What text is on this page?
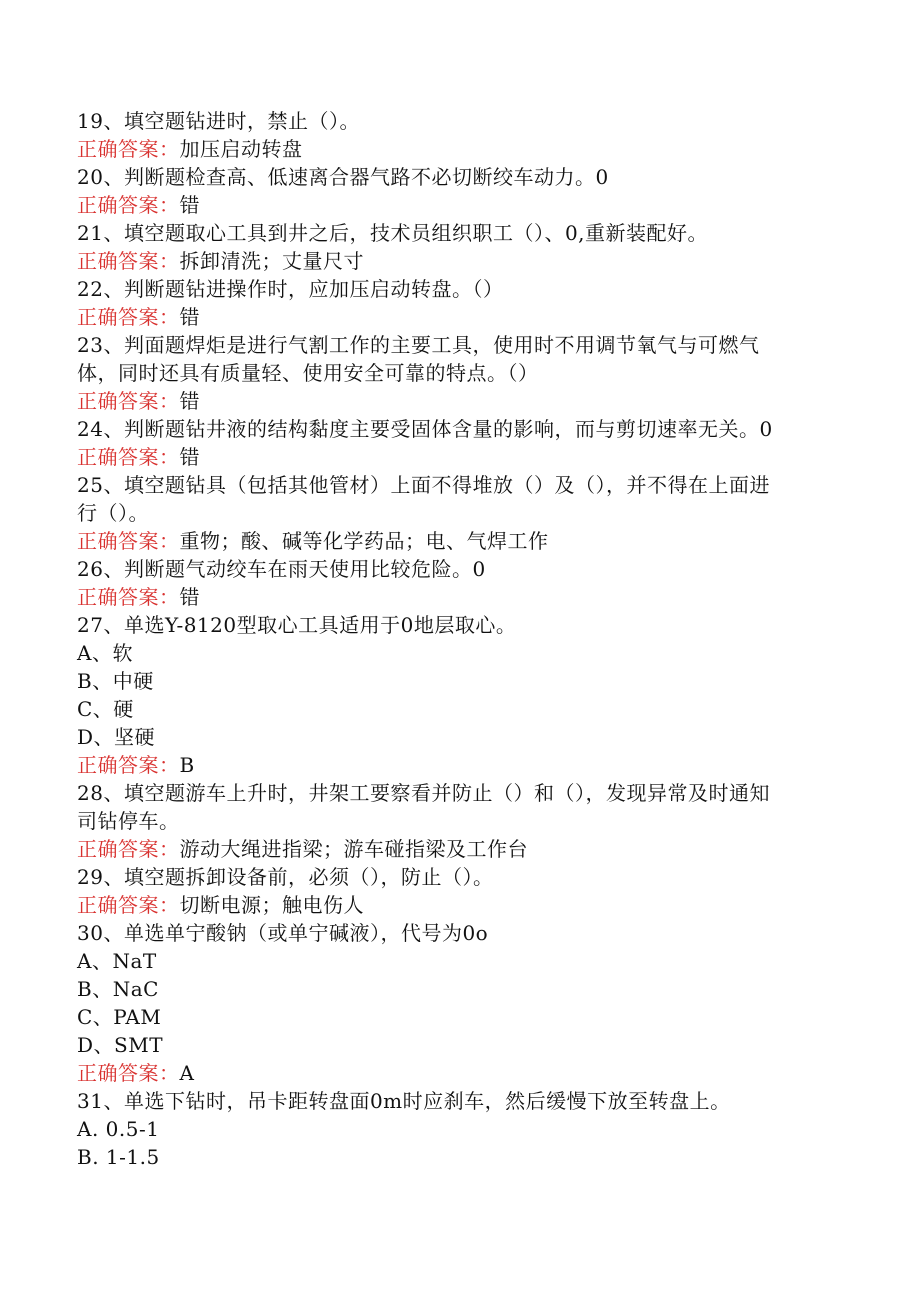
19、填空题钻进时，禁止（）。
正确答案：加压启动转盘
20、判断题检查高、低速离合器气路不必切断绞车动力。0
正确答案：错
21、填空题取心工具到井之后，技术员组织职工（）、0,重新装配好。
正确答案：拆卸清洗；丈量尺寸
22、判断题钻进操作时，应加压启动转盘。（）
正确答案：错
23、判面题焊炬是进行气割工作的主要工具，使用时不用调节氧气与可燃气
体，同时还具有质量轻、使用安全可靠的特点。（）
正确答案：错
24、判断题钻井液的结构黏度主要受固体含量的影响，而与剪切速率无关。0
正确答案：错
25、填空题钻具（包括其他管材）上面不得堆放（）及（），并不得在上面进
行（）。
正确答案：重物；酸、碱等化学药品；电、气焊工作
26、判断题气动绞车在雨天使用比较危险。0
正确答案：错
27、单选Y-8120型取心工具适用于0地层取心。
A、软
B、中硬
C、硬
D、坚硬
正确答案：B
28、填空题游车上升时，井架工要察看并防止（）和（），发现异常及时通知
司钻停车。
正确答案：游动大绳进指梁；游车碰指梁及工作台
29、填空题拆卸设备前，必须（），防止（）。
正确答案：切断电源；触电伤人
30、单选单宁酸钠（或单宁碱液），代号为0o
A、NaT
B、NaC
C、PAM
D、SMT
正确答案：A
31、单选下钻时，吊卡距转盘面0m时应刹车，然后缓慢下放至转盘上。
A. 0.5-1
B. 1-1.5
